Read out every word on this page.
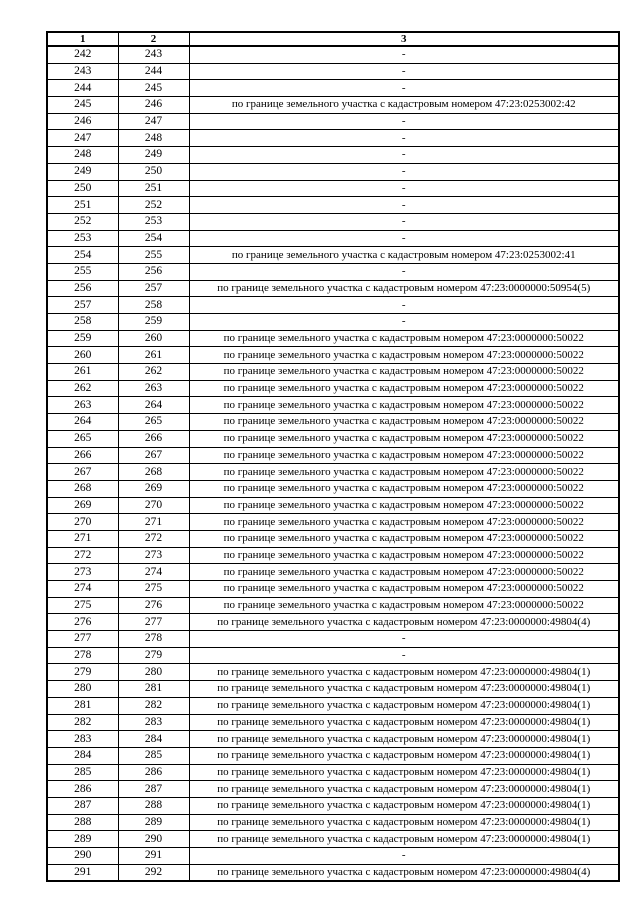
1	2	3
242	243	-
243	244	-
244	245	-
245	246	по границе земельного участка с кадастровым номером 47:23:0253002:42
246	247	-
247	248	-
248	249	-
249	250	-
250	251	-
251	252	-
252	253	-
253	254	-
254	255	по границе земельного участка с кадастровым номером 47:23:0253002:41
255	256	-
256	257	по границе земельного участка с кадастровым номером 47:23:0000000:50954(5)
257	258	-
258	259	-
259	260	по границе земельного участка с кадастровым номером 47:23:0000000:50022
260	261	по границе земельного участка с кадастровым номером 47:23:0000000:50022
261	262	по границе земельного участка с кадастровым номером 47:23:0000000:50022
262	263	по границе земельного участка с кадастровым номером 47:23:0000000:50022
263	264	по границе земельного участка с кадастровым номером 47:23:0000000:50022
264	265	по границе земельного участка с кадастровым номером 47:23:0000000:50022
265	266	по границе земельного участка с кадастровым номером 47:23:0000000:50022
266	267	по границе земельного участка с кадастровым номером 47:23:0000000:50022
267	268	по границе земельного участка с кадастровым номером 47:23:0000000:50022
268	269	по границе земельного участка с кадастровым номером 47:23:0000000:50022
269	270	по границе земельного участка с кадастровым номером 47:23:0000000:50022
270	271	по границе земельного участка с кадастровым номером 47:23:0000000:50022
271	272	по границе земельного участка с кадастровым номером 47:23:0000000:50022
272	273	по границе земельного участка с кадастровым номером 47:23:0000000:50022
273	274	по границе земельного участка с кадастровым номером 47:23:0000000:50022
274	275	по границе земельного участка с кадастровым номером 47:23:0000000:50022
275	276	по границе земельного участка с кадастровым номером 47:23:0000000:50022
276	277	по границе земельного участка с кадастровым номером 47:23:0000000:49804(4)
277	278	-
278	279	-
279	280	по границе земельного участка с кадастровым номером 47:23:0000000:49804(1)
280	281	по границе земельного участка с кадастровым номером 47:23:0000000:49804(1)
281	282	по границе земельного участка с кадастровым номером 47:23:0000000:49804(1)
282	283	по границе земельного участка с кадастровым номером 47:23:0000000:49804(1)
283	284	по границе земельного участка с кадастровым номером 47:23:0000000:49804(1)
284	285	по границе земельного участка с кадастровым номером 47:23:0000000:49804(1)
285	286	по границе земельного участка с кадастровым номером 47:23:0000000:49804(1)
286	287	по границе земельного участка с кадастровым номером 47:23:0000000:49804(1)
287	288	по границе земельного участка с кадастровым номером 47:23:0000000:49804(1)
288	289	по границе земельного участка с кадастровым номером 47:23:0000000:49804(1)
289	290	по границе земельного участка с кадастровым номером 47:23:0000000:49804(1)
290	291	-
291	292	по границе земельного участка с кадастровым номером 47:23:0000000:49804(4)
